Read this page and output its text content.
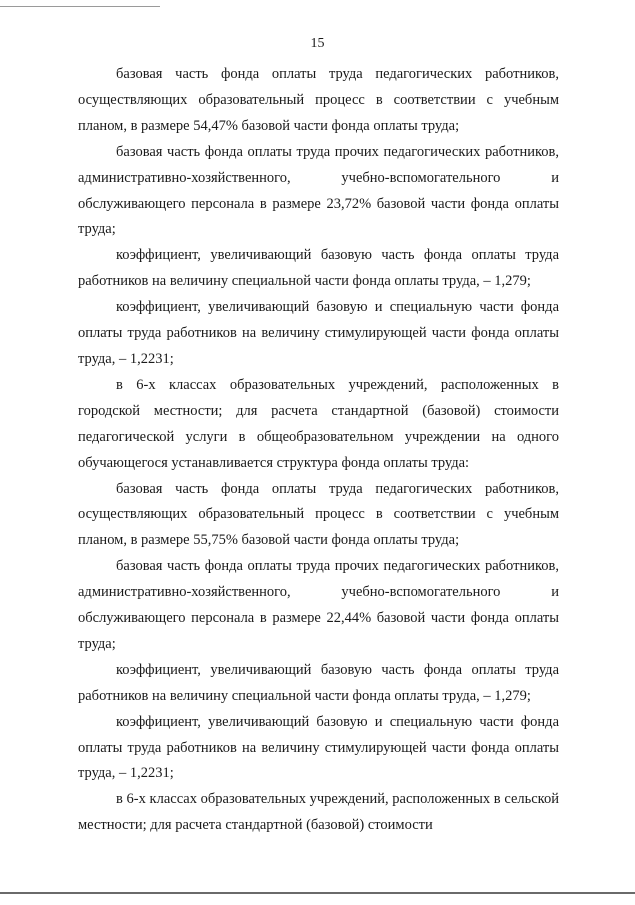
15

базовая часть фонда оплаты труда педагогических работников, осуществляющих образовательный процесс в соответствии с учебным планом, в размере 54,47% базовой части фонда оплаты труда;

базовая часть фонда оплаты труда прочих педагогических работников, административно-хозяйственного, учебно-вспомогательного и обслуживающего персонала в размере 23,72% базовой части фонда оплаты труда;

коэффициент, увеличивающий базовую часть фонда оплаты труда работников на величину специальной части фонда оплаты труда, – 1,279;

коэффициент, увеличивающий базовую и специальную части фонда оплаты труда работников на величину стимулирующей части фонда оплаты труда, – 1,2231;

в 6-х классах образовательных учреждений, расположенных в городской местности; для расчета стандартной (базовой) стоимости педагогической услуги в общеобразовательном учреждении на одного обучающегося устанавливается структура фонда оплаты труда:

базовая часть фонда оплаты труда педагогических работников, осуществляющих образовательный процесс в соответствии с учебным планом, в размере 55,75% базовой части фонда оплаты труда;

базовая часть фонда оплаты труда прочих педагогических работников, административно-хозяйственного, учебно-вспомогательного и обслуживающего персонала в размере 22,44% базовой части фонда оплаты труда;

коэффициент, увеличивающий базовую часть фонда оплаты труда работников на величину специальной части фонда оплаты труда, – 1,279;

коэффициент, увеличивающий базовую и специальную части фонда оплаты труда работников на величину стимулирующей части фонда оплаты труда, – 1,2231;

в 6-х классах образовательных учреждений, расположенных в сельской местности; для расчета стандартной (базовой) стоимости
